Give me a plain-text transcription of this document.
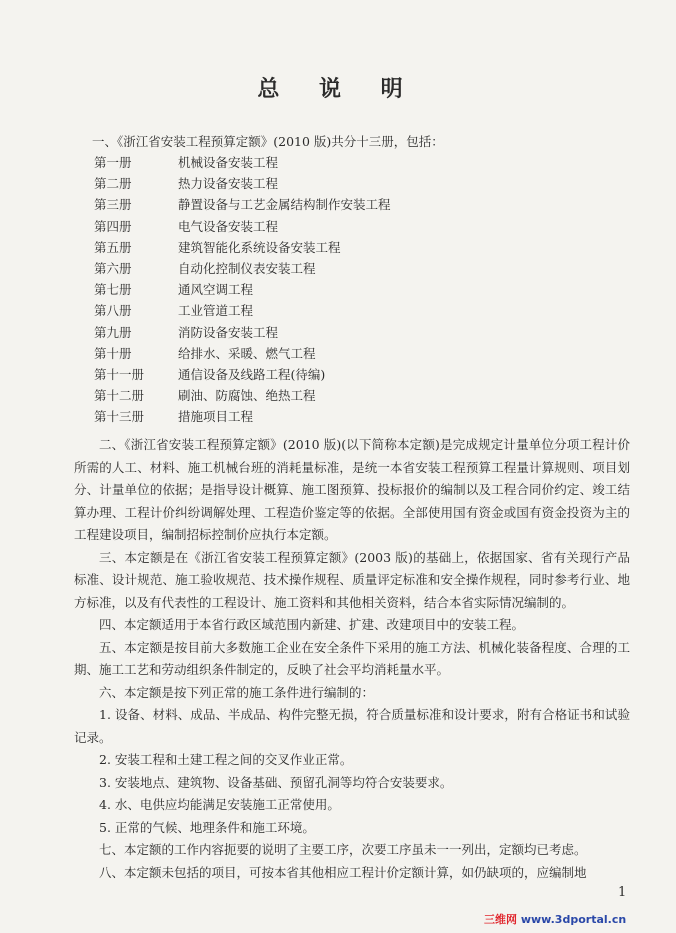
总 说 明
一、《浙江省安装工程预算定额》(2010 版)共分十三册，包括：
第一册	机械设备安装工程
第二册	热力设备安装工程
第三册	静置设备与工艺金属结构制作安装工程
第四册	电气设备安装工程
第五册	建筑智能化系统设备安装工程
第六册	自动化控制仪表安装工程
第七册	通风空调工程
第八册	工业管道工程
第九册	消防设备安装工程
第十册	给排水、采暖、燃气工程
第十一册	通信设备及线路工程(待编)
第十二册	刷油、防腐蚀、绝热工程
第十三册	措施项目工程

二、《浙江省安装工程预算定额》(2010 版)(以下简称本定额)是完成规定计量单位分项工程计价所需的人工、材料、施工机械台班的消耗量标准，是统一本省安装工程预算工程量计算规则、项目划分、计量单位的依据；是指导设计概算、施工图预算、投标报价的编制以及工程合同价约定、竣工结算办理、工程计价纠纷调解处理、工程造价鉴定等的依据。全部使用国有资金或国有资金投资为主的工程建设项目，编制招标控制价应执行本定额。

三、本定额是在《浙江省安装工程预算定额》(2003 版)的基础上，依据国家、省有关现行产品标准、设计规范、施工验收规范、技术操作规程、质量评定标准和安全操作规程，同时参考行业、地方标准，以及有代表性的工程设计、施工资料和其他相关资料，结合本省实际情况编制的。

四、本定额适用于本省行政区域范围内新建、扩建、改建项目中的安装工程。

五、本定额是按目前大多数施工企业在安全条件下采用的施工方法、机械化装备程度、合理的工期、施工工艺和劳动组织条件制定的，反映了社会平均消耗量水平。

六、本定额是按下列正常的施工条件进行编制的：

1. 设备、材料、成品、半成品、构件完整无损，符合质量标准和设计要求，附有合格证书和试验记录。

2. 安装工程和土建工程之间的交叉作业正常。

3. 安装地点、建筑物、设备基础、预留孔洞等均符合安装要求。

4. 水、电供应均能满足安装施工正常使用。

5. 正常的气候、地理条件和施工环境。

七、本定额的工作内容扼要的说明了主要工序，次要工序虽未一一列出，定额均已考虑。

八、本定额未包括的项目，可按本省其他相应工程计价定额计算，如仍缺项的，应编制地

1
三维网 www.3dportal.cn
